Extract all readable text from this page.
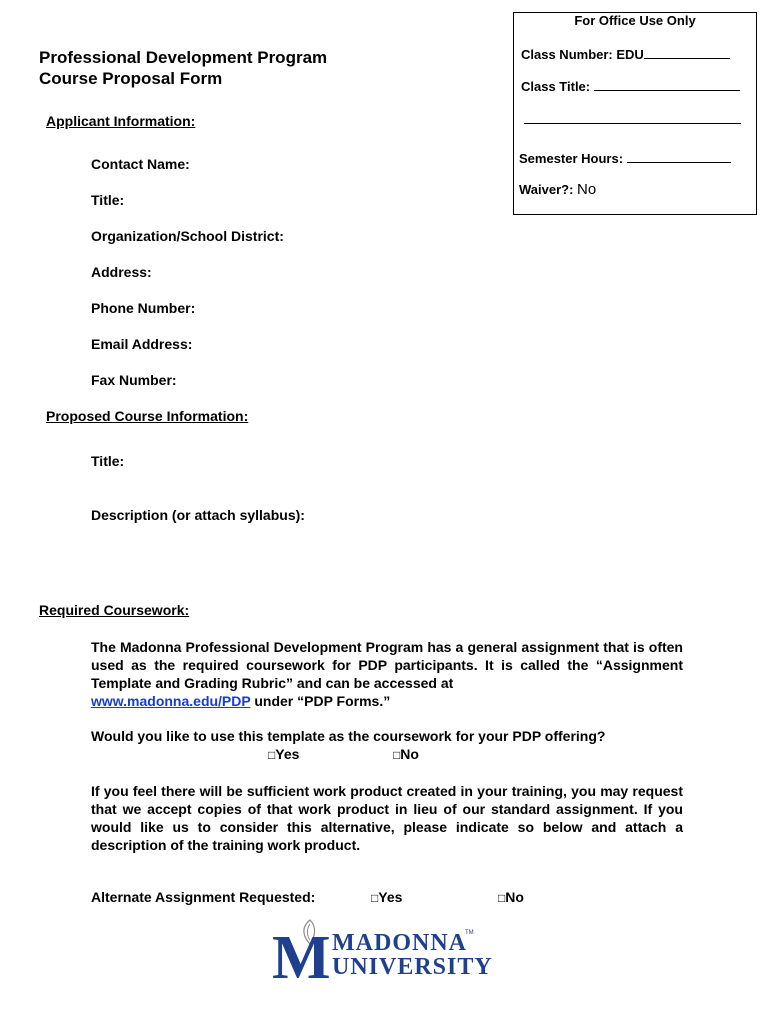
Professional Development Program
Course Proposal Form
For Office Use Only
Class Number: EDU
Class Title:
Semester Hours:
Waiver?: No
Applicant Information:
Contact Name:
Title:
Organization/School District:
Address:
Phone Number:
Email Address:
Fax Number:
Proposed Course Information:
Title:
Description (or attach syllabus):
Required Coursework:
The Madonna Professional Development Program has a general assignment that is often used as the required coursework for PDP participants. It is called the “Assignment Template and Grading Rubric” and can be accessed at
www.madonna.edu/PDP under “PDP Forms.”
Would you like to use this template as the coursework for your PDP offering?
□Yes	□No
If you feel there will be sufficient work product created in your training, you may request that we accept copies of that work product in lieu of our standard assignment. If you would like us to consider this alternative, please indicate so below and attach a description of the training work product.
Alternate Assignment Requested:	□Yes	□No
M MADONNA
TM
UNIVERSITY
